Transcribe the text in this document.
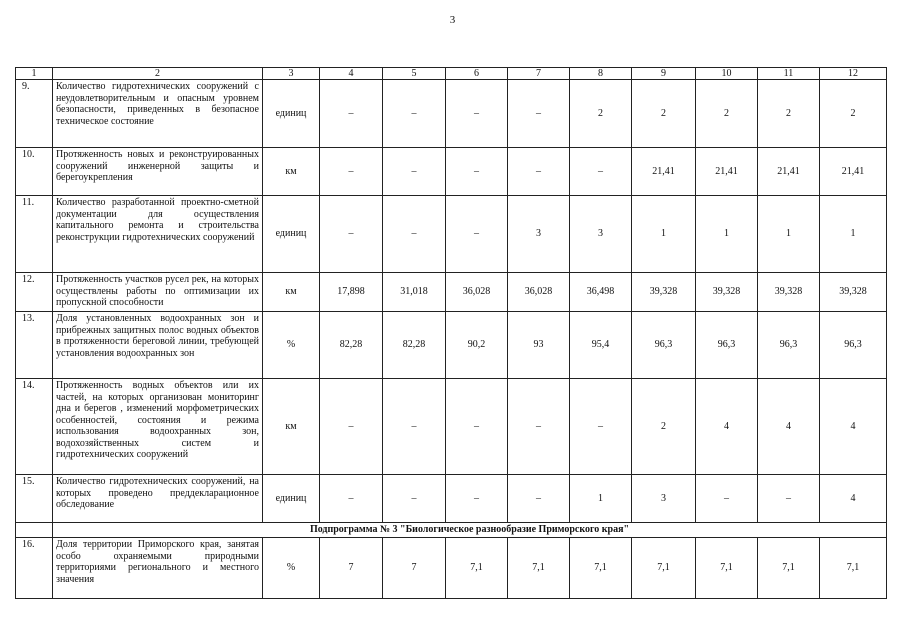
3
1	2	3	4	5	6	7	8	9	10	11	12
9.	Количество гидротехнических сооружений с неудовлетворительным и опасным уровнем безопасности, приведенных в безопасное техническое состояние	единиц	–	–	–	–	2	2	2	2	2
10.	Протяженность новых и реконструированных сооружений инженерной защиты и берегоукрепления	км	–	–	–	–	–	21,41	21,41	21,41	21,41
11.	Количество разработанной проектно-сметной документации для осуществления капитального ремонта и строительства реконструкции гидротехнических сооружений	единиц	–	–	–	3	3	1	1	1	1
12.	Протяженность участков русел рек, на которых осуществлены работы по оптимизации их пропускной способности	км	17,898	31,018	36,028	36,028	36,498	39,328	39,328	39,328	39,328
13.	Доля установленных водоохранных зон и прибрежных защитных полос водных объектов в протяженности береговой линии, требующей установления водоохранных зон	%	82,28	82,28	90,2	93	95,4	96,3	96,3	96,3	96,3
14.	Протяженность водных объектов или их частей, на которых организован мониторинг дна и берегов , изменений морфометрических особенностей, состояния и режима использования водоохранных зон, водохозяйственных систем и гидротехнических сооружений	км	–	–	–	–	–	2	4	4	4
15.	Количество гидротехнических сооружений, на которых проведено преддекларационное обследование	единиц	–	–	–	–	1	3	–	–	4
	Подпрограмма № 3 "Биологическое разнообразие Приморского края"										
16.	Доля территории Приморского края, занятая особо охраняемыми природными территориями регионального и местного значения	%	7	7	7,1	7,1	7,1	7,1	7,1	7,1	7,1
